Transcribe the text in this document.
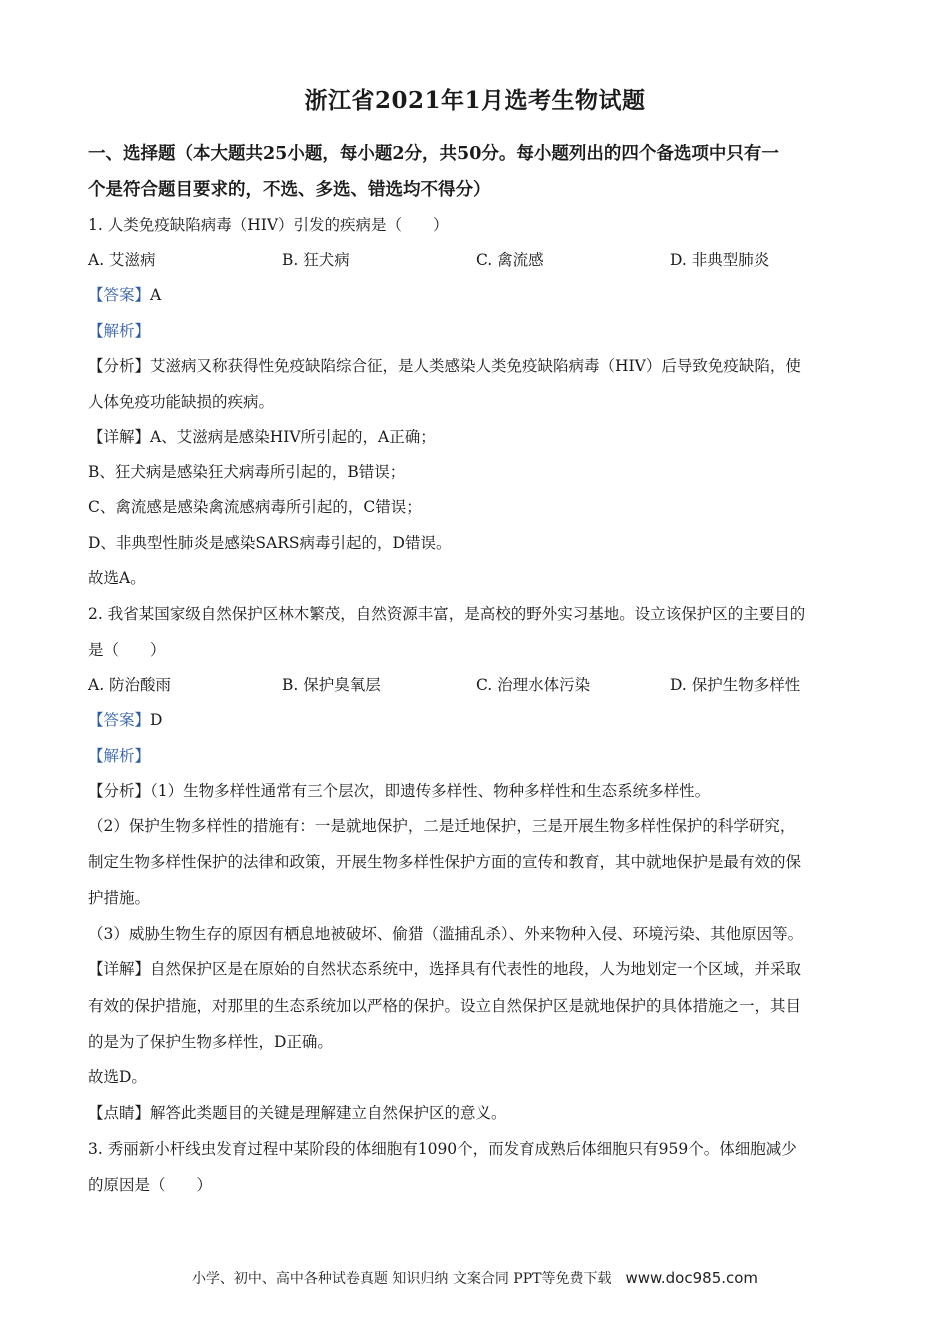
浙江省2021年1月选考生物试题
一、选择题（本大题共25小题，每小题2分，共50分。每小题列出的四个备选项中只有一
个是符合题目要求的，不选、多选、错选均不得分）
1. 人类免疫缺陷病毒（HIV）引发的疾病是（　　）
A. 艾滋病	B. 狂犬病	C. 禽流感	D. 非典型肺炎
【答案】A
【解析】
【分析】艾滋病又称获得性免疫缺陷综合征，是人类感染人类免疫缺陷病毒（HIV）后导致免疫缺陷，使
人体免疫功能缺损的疾病。
【详解】A、艾滋病是感染HIV所引起的，A正确；
B、狂犬病是感染狂犬病毒所引起的，B错误；
C、禽流感是感染禽流感病毒所引起的，C错误；
D、非典型性肺炎是感染SARS病毒引起的，D错误。
故选A。
2. 我省某国家级自然保护区林木繁茂，自然资源丰富，是高校的野外实习基地。设立该保护区的主要目的
是（　　）
A. 防治酸雨	B. 保护臭氧层	C. 治理水体污染	D. 保护生物多样性
【答案】D
【解析】
【分析】（1）生物多样性通常有三个层次，即遗传多样性、物种多样性和生态系统多样性。
（2）保护生物多样性的措施有：一是就地保护，二是迁地保护，三是开展生物多样性保护的科学研究，
制定生物多样性保护的法律和政策，开展生物多样性保护方面的宣传和教育，其中就地保护是最有效的保
护措施。
（3）威胁生物生存的原因有栖息地被破坏、偷猎（滥捕乱杀）、外来物种入侵、环境污染、其他原因等。
【详解】自然保护区是在原始的自然状态系统中，选择具有代表性的地段，人为地划定一个区域，并采取
有效的保护措施，对那里的生态系统加以严格的保护。设立自然保护区是就地保护的具体措施之一，其目
的是为了保护生物多样性，D正确。
故选D。
【点睛】解答此类题目的关键是理解建立自然保护区的意义。
3. 秀丽新小杆线虫发育过程中某阶段的体细胞有1090个，而发育成熟后体细胞只有959个。体细胞减少
的原因是（　　）
小学、初中、高中各种试卷真题 知识归纳 文案合同 PPT等免费下载 www.doc985.com
